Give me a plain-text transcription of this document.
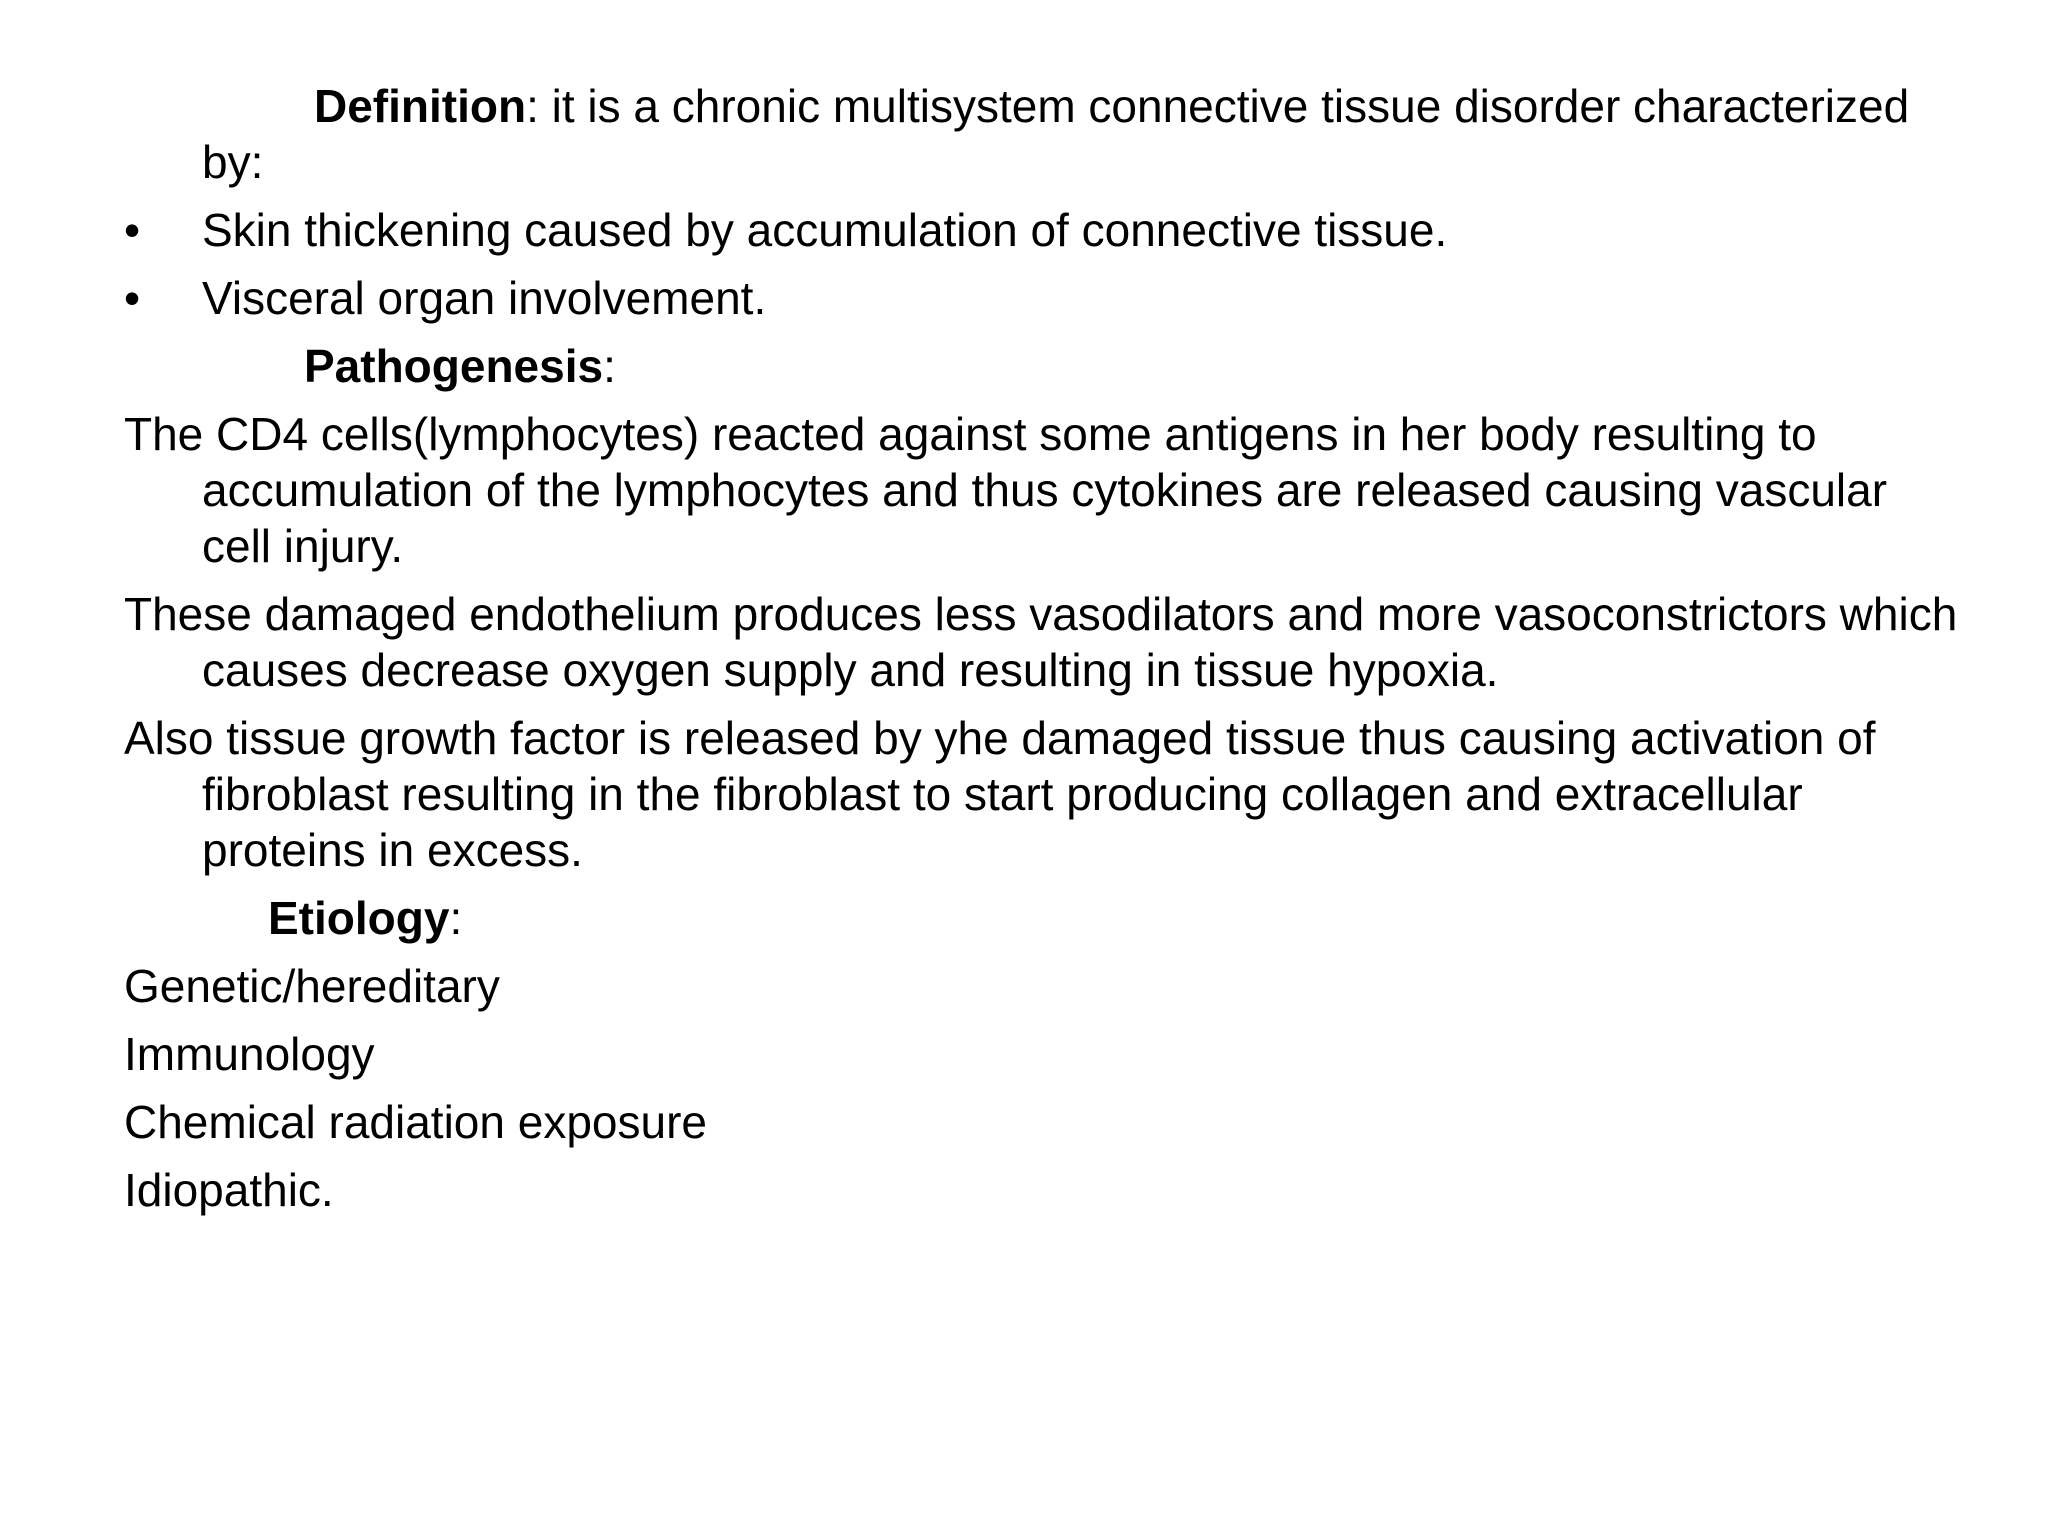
Definition: it is a chronic multisystem connective tissue disorder characterized by:

•	Skin thickening caused by accumulation of connective tissue.
•	Visceral organ involvement.

Pathogenesis:

The CD4 cells(lymphocytes) reacted against some antigens in her body resulting to accumulation of the lymphocytes and thus cytokines are released causing vascular cell injury.

These damaged endothelium produces less vasodilators and more vasoconstrictors which causes decrease oxygen supply and resulting in tissue hypoxia.

Also tissue growth factor is released by yhe damaged tissue thus causing activation of fibroblast resulting in the fibroblast to start producing collagen and extracellular proteins in excess.

Etiology:

Genetic/hereditary

Immunology

Chemical radiation exposure

Idiopathic.
